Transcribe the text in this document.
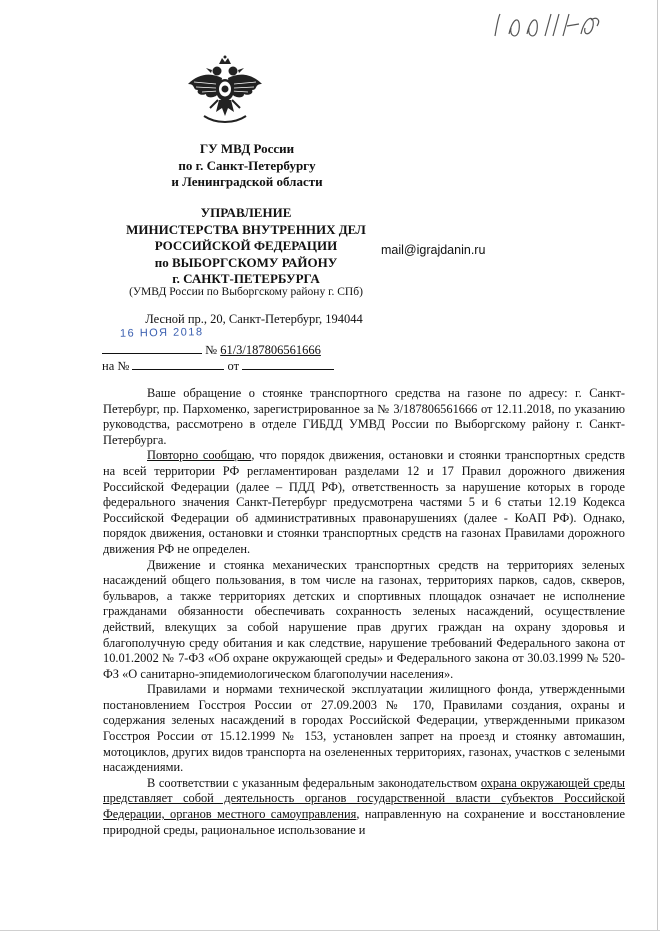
ГУ МВД России
по г. Санкт-Петербургу
и Ленинградской области
УПРАВЛЕНИЕ
МИНИСТЕРСТВА ВНУТРЕННИХ ДЕЛ
РОССИЙСКОЙ ФЕДЕРАЦИИ
по ВЫБОРГСКОМУ РАЙОНУ
г. САНКТ-ПЕТЕРБУРГА
(УМВД России по Выборгскому району г. СПб)
mail@igrajdanin.ru
Лесной пр., 20, Санкт-Петербург, 194044
16 НОЯ 2018
№ 61/3/187806561666
на №	от

Ваше обращение о стоянке транспортного средства на газоне по адресу: г. Санкт-Петербург, пр. Пархоменко, зарегистрированное за № 3/187806561666 от 12.11.2018, по указанию руководства, рассмотрено в отделе ГИБДД УМВД России по Выборгскому району г. Санкт-Петербурга.

Повторно сообщаю, что порядок движения, остановки и стоянки транспортных средств на всей территории РФ регламентирован разделами 12 и 17 Правил дорожного движения Российской Федерации (далее – ПДД РФ), ответственность за нарушение которых в городе федерального значения Санкт-Петербург предусмотрена частями 5 и 6 статьи 12.19 Кодекса Российской Федерации об административных правонарушениях (далее - КоАП РФ). Однако, порядок движения, остановки и стоянки транспортных средств на газонах Правилами дорожного движения РФ не определен.

Движение и стоянка механических транспортных средств на территориях зеленых насаждений общего пользования, в том числе на газонах, территориях парков, садов, скверов, бульваров, а также территориях детских и спортивных площадок означает не исполнение гражданами обязанности обеспечивать сохранность зеленых насаждений, осуществление действий, влекущих за собой нарушение прав других граждан на охрану здоровья и благополучную среду обитания и как следствие, нарушение требований Федерального закона от 10.01.2002 № 7-ФЗ «Об охране окружающей среды» и Федерального закона от 30.03.1999 № 520-ФЗ «О санитарно-эпидемиологическом благополучии населения».

Правилами и нормами технической эксплуатации жилищного фонда, утвержденными постановлением Госстроя России от 27.09.2003 № 170, Правилами создания, охраны и содержания зеленых насаждений в городах Российской Федерации, утвержденными приказом Госстроя России от 15.12.1999 № 153, установлен запрет на проезд и стоянку автомашин, мотоциклов, других видов транспорта на озелененных территориях, газонах, участков с зелеными насаждениями.

В соответствии с указанным федеральным законодательством охрана окружающей среды представляет собой деятельность органов государственной власти субъектов Российской Федерации, органов местного самоуправления, направленную на сохранение и восстановление природной среды, рациональное использование и
